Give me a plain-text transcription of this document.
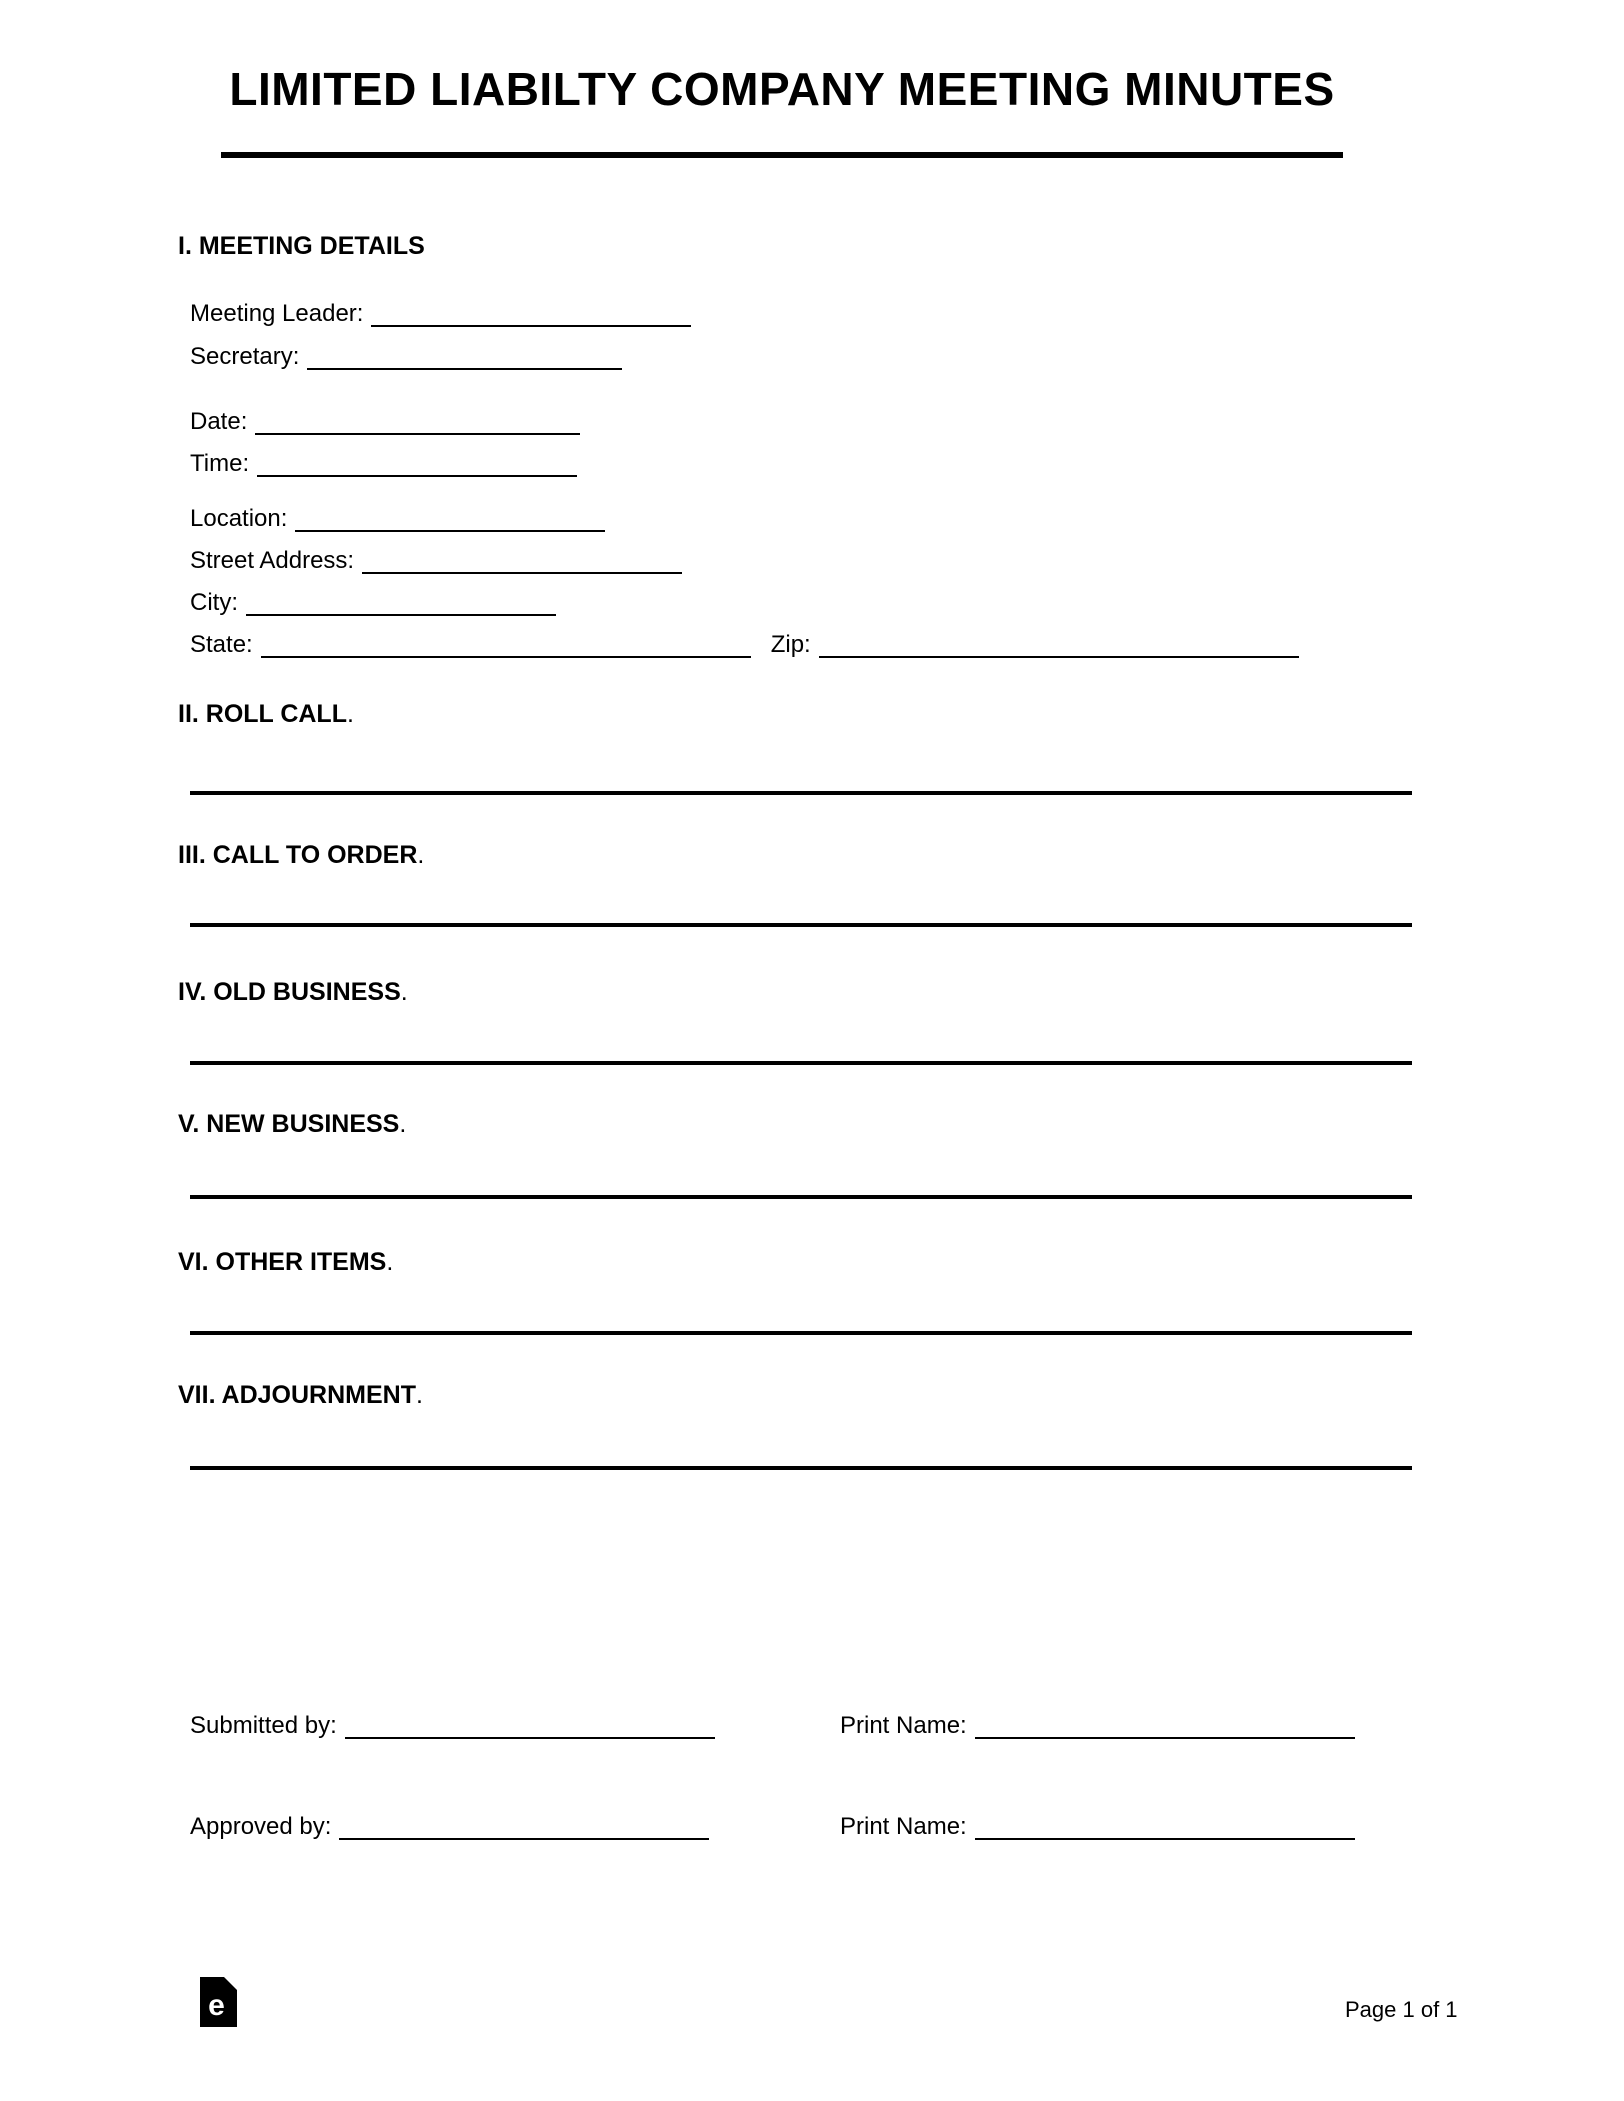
LIMITED LIABILTY COMPANY MEETING MINUTES
I. MEETING DETAILS
Meeting Leader:
Secretary:
Date:
Time:
Location:
Street Address:
City:
State:	Zip:
II. ROLL CALL.
III. CALL TO ORDER.
IV. OLD BUSINESS.
V. NEW BUSINESS.
VI. OTHER ITEMS.
VII. ADJOURNMENT.
Submitted by:	Print Name:
Approved by:	Print Name:
e	Page 1 of 1
